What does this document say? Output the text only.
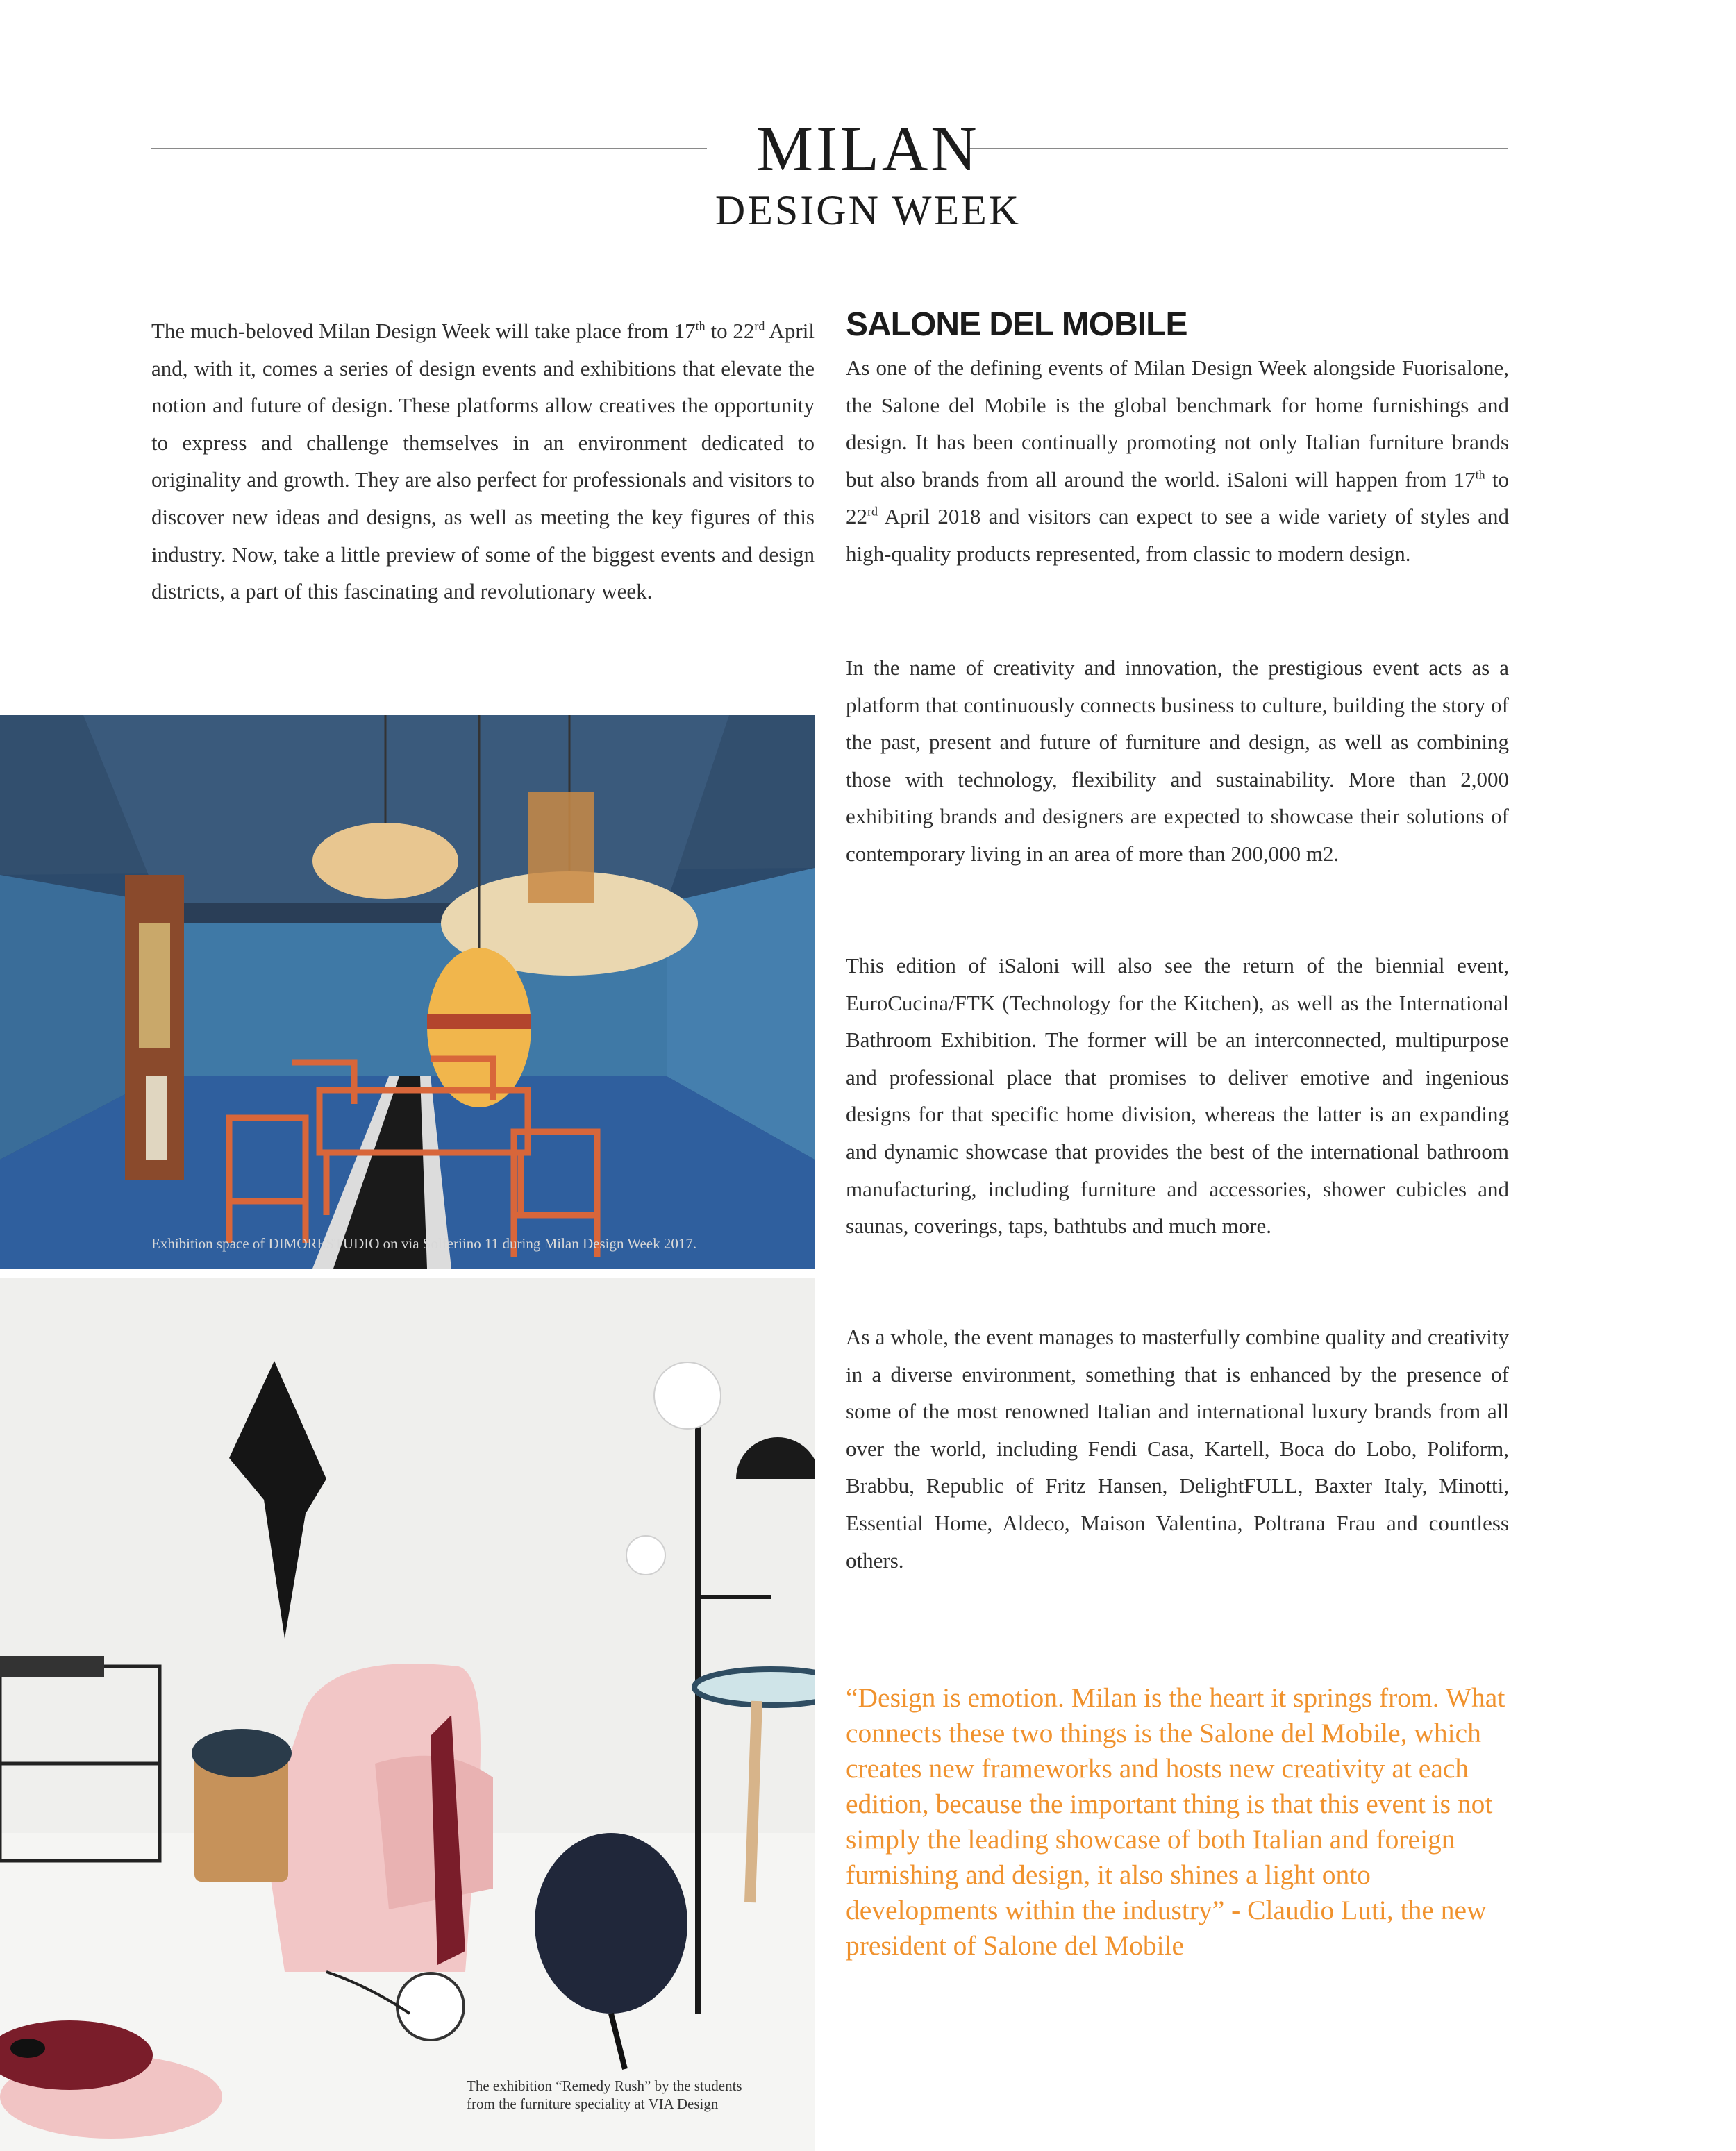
MILAN
DESIGN WEEK

The much-beloved Milan Design Week will take place from 17th to 22rd April and, with it, comes a series of design events and exhibitions that elevate the notion and future of design. These platforms allow creatives the opportunity to express and challenge themselves in an environment dedicated to originality and growth. They are also perfect for professionals and visitors to discover new ideas and designs, as well as meeting the key figures of this industry. Now, take a little preview of some of the biggest events and design districts, a part of this fascinating and revolutionary week.

SALONE DEL MOBILE

As one of the defining events of Milan Design Week alongside Fuorisalone, the Salone del Mobile is the global benchmark for home furnishings and design. It has been continually promoting not only Italian furniture brands but also brands from all around the world. iSaloni will happen from 17th to 22rd April 2018 and visitors can expect to see a wide variety of styles and high-quality products represented, from classic to modern design.

In the name of creativity and innovation, the prestigious event acts as a platform that continuously connects business to culture, building the story of the past, present and future of furniture and design, as well as combining those with technology, flexibility and sustainability. More than 2,000 exhibiting brands and designers are expected to showcase their solutions of contemporary living in an area of more than 200,000 m2.

This edition of iSaloni will also see the return of the biennial event, EuroCucina/FTK (Technology for the Kitchen), as well as the International Bathroom Exhibition. The former will be an interconnected, multipurpose and professional place that promises to deliver emotive and ingenious designs for that specific home division, whereas the latter is an expanding and dynamic showcase that provides the best of the international bathroom manufacturing, including furniture and accessories, shower cubicles and saunas, coverings, taps, bathtubs and much more.

As a whole, the event manages to masterfully combine quality and creativity in a diverse environment, something that is enhanced by the presence of some of the most renowned Italian and international luxury brands from all over the world, including Fendi Casa, Kartell, Boca do Lobo, Poliform, Brabbu, Republic of Fritz Hansen, DelightFULL, Baxter Italy, Minotti, Essential Home, Aldeco, Maison Valentina, Poltrana Frau and countless others.

“Design is emotion. Milan is the heart it springs from. What connects these two things is the Salone del Mobile, which creates new frameworks and hosts new creativity at each edition, because the important thing is that this event is not simply the leading showcase of both Italian and foreign furnishing and design, it also shines a light onto developments within the industry” - Claudio Luti, the new president of Salone del Mobile

Exhibition space of DIMORESTUDIO on via Solferiino 11 during Milan Design Week 2017.
The exhibition “Remedy Rush” by the students
from the furniture speciality at VIA Design
